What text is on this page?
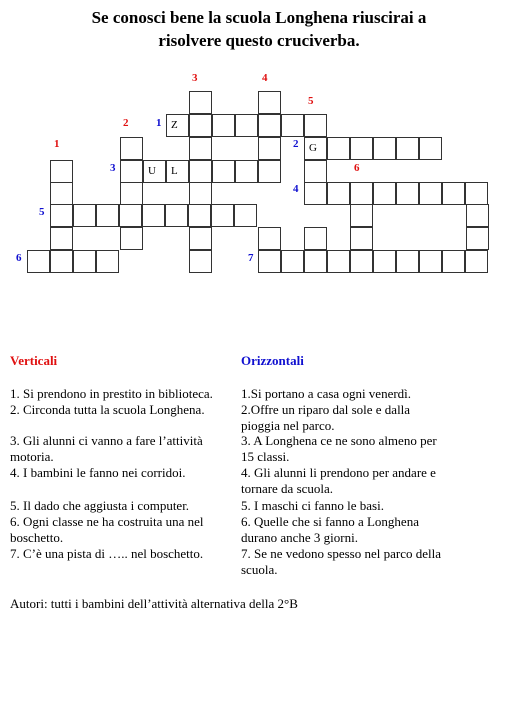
Se conosci bene la scuola Longhena riuscirai a
risolvere questo cruciverba.
3	4
5
2	1
1	2
3	6
4
5
6	7
Z
G
U	L
Verticali	Orizzontali
1. Si prendono in prestito in biblioteca.
2. Circonda tutta la scuola Longhena.
3. Gli alunni ci vanno a fare l’attività
motoria.
4. I bambini le fanno nei corridoi.
5. Il dado che aggiusta i computer.
6. Ogni classe ne ha costruita una nel
boschetto.
7. C’è una pista di ….. nel boschetto.
1.Si portano a casa ogni venerdì.
2.Offre un riparo dal sole e dalla
pioggia nel parco.
3. A Longhena ce ne sono almeno per
15 classi.
4. Gli alunni li prendono per andare e
tornare da scuola.
5. I maschi ci fanno le basi.
6. Quelle che si fanno a Longhena
durano anche 3 giorni.
7. Se ne vedono spesso nel parco della
scuola.
Autori: tutti i bambini dell’attività alternativa della 2°B
